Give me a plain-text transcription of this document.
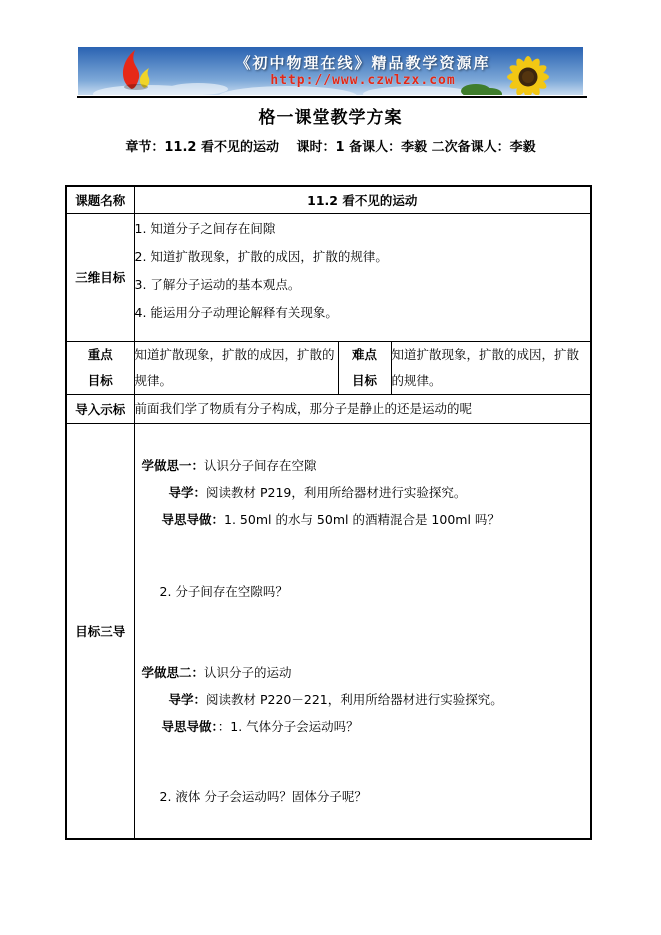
《初中物理在线》精品教学资源库
http://www.czwlzx.com
格一课堂教学方案
章节：11.2 看不见的运动　 课时：1 备课人：李毅 二次备课人：李毅
课题名称	11.2 看不见的运动		
三维目标	1. 知道分子之间存在间隙

2. 知道扩散现象，扩散的成因，扩散的规律。

3. 了解分子运动的基本观点。

4. 能运用分子动理论解释有关现象。		

重点目标	知道扩散现象，扩散的成因，扩散的规律。	难点目标	知道扩散现象，扩散的成因，扩散的规律。
导入示标	前面我们学了物质有分子构成，那分子是静止的还是运动的呢		
目标三导	

学做思一：认识分子间存在空隙

导学：阅读教材 P219，利用所给器材进行实验探究。

导思导做：1. 50ml 的水与 50ml 的酒精混合是 100ml 吗？

2. 分子间存在空隙吗？

学做思二：认识分子的运动

导学：阅读教材 P220－221，利用所给器材进行实验探究。

导思导做：：1. 气体分子会运动吗？

2. 液体 分子会运动吗？固体分子呢？
